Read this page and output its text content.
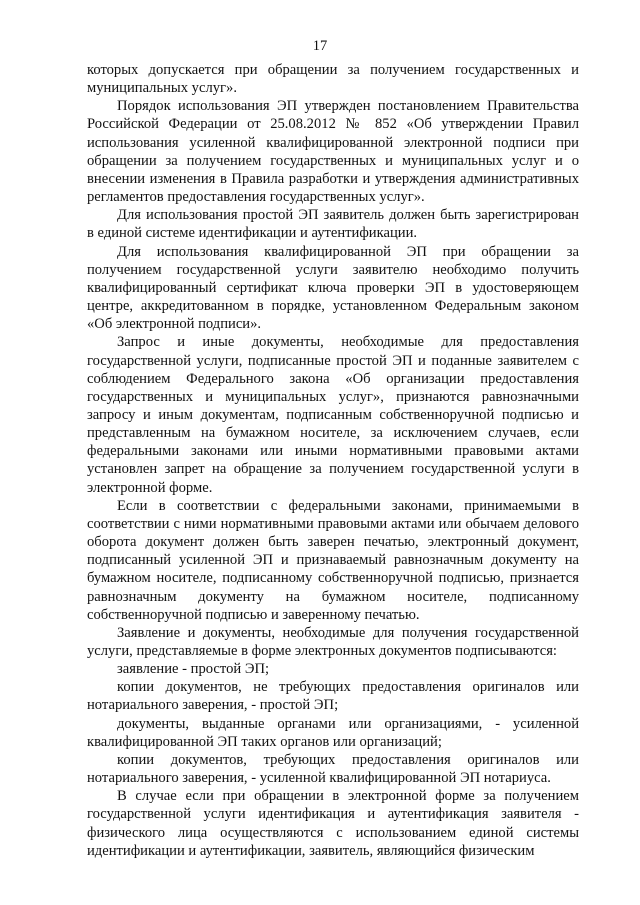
17

которых допускается при обращении за получением государственных и муниципальных услуг».

Порядок использования ЭП утвержден постановлением Правительства Российской Федерации от 25.08.2012 № 852 «Об утверждении Правил использования усиленной квалифицированной электронной подписи при обращении за получением государственных и муниципальных услуг и о внесении изменения в Правила разработки и утверждения административных регламентов предоставления государственных услуг».

Для использования простой ЭП заявитель должен быть зарегистрирован в единой системе идентификации и аутентификации.

Для использования квалифицированной ЭП при обращении за получением государственной услуги заявителю необходимо получить квалифицированный сертификат ключа проверки ЭП в удостоверяющем центре, аккредитованном в порядке, установленном Федеральным законом «Об электронной подписи».

Запрос и иные документы, необходимые для предоставления государственной услуги, подписанные простой ЭП и поданные заявителем с соблюдением Федерального закона «Об организации предоставления государственных и муниципальных услуг», признаются равнозначными запросу и иным документам, подписанным собственноручной подписью и представленным на бумажном носителе, за исключением случаев, если федеральными законами или иными нормативными правовыми актами установлен запрет на обращение за получением государственной услуги в электронной форме.

Если в соответствии с федеральными законами, принимаемыми в соответствии с ними нормативными правовыми актами или обычаем делового оборота документ должен быть заверен печатью, электронный документ, подписанный усиленной ЭП и признаваемый равнозначным документу на бумажном носителе, подписанному собственноручной подписью, признается равнозначным документу на бумажном носителе, подписанному собственноручной подписью и заверенному печатью.

Заявление и документы, необходимые для получения государственной услуги, представляемые в форме электронных документов подписываются:

заявление - простой ЭП;

копии документов, не требующих предоставления оригиналов или нотариального заверения, - простой ЭП;

документы, выданные органами или организациями, - усиленной квалифицированной ЭП таких органов или организаций;

копии документов, требующих предоставления оригиналов или нотариального заверения, - усиленной квалифицированной ЭП нотариуса.

В случае если при обращении в электронной форме за получением государственной услуги идентификация и аутентификация заявителя - физического лица осуществляются с использованием единой системы идентификации и аутентификации, заявитель, являющийся физическим
